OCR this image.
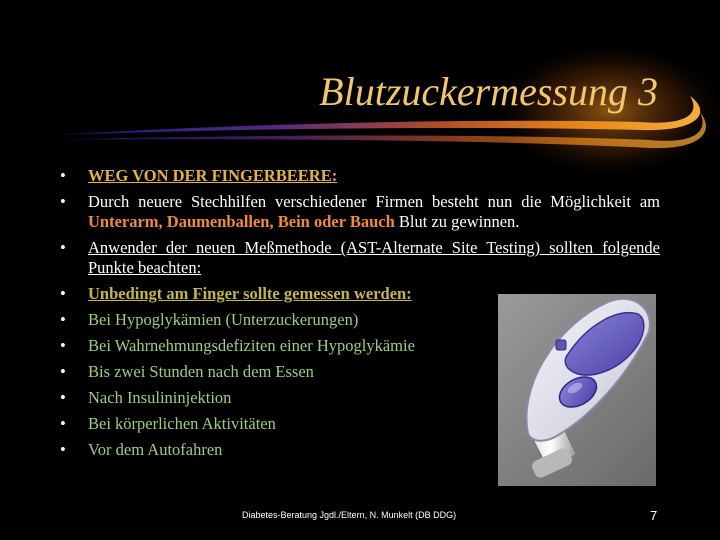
Blutzuckermessung 3
• WEG VON DER FINGERBEERE:
• Durch neuere Stechhilfen verschiedener Firmen besteht nun die Möglichkeit am Unterarm, Daumenballen, Bein oder Bauch Blut zu gewinnen.
• Anwender der neuen Meßmethode (AST-Alternate Site Testing) sollten folgende Punkte beachten:
• Unbedingt am Finger sollte gemessen werden:
• Bei Hypoglykämien (Unterzuckerungen)
• Bei Wahrnehmungsdefiziten einer Hypoglykämie
• Bis zwei Stunden nach dem Essen
• Nach Insulininjektion
• Bei körperlichen Aktivitäten
• Vor dem Autofahren
Diabetes-Beratung Jgdl./Eltern, N. Munkelt (DB DDG)	7
